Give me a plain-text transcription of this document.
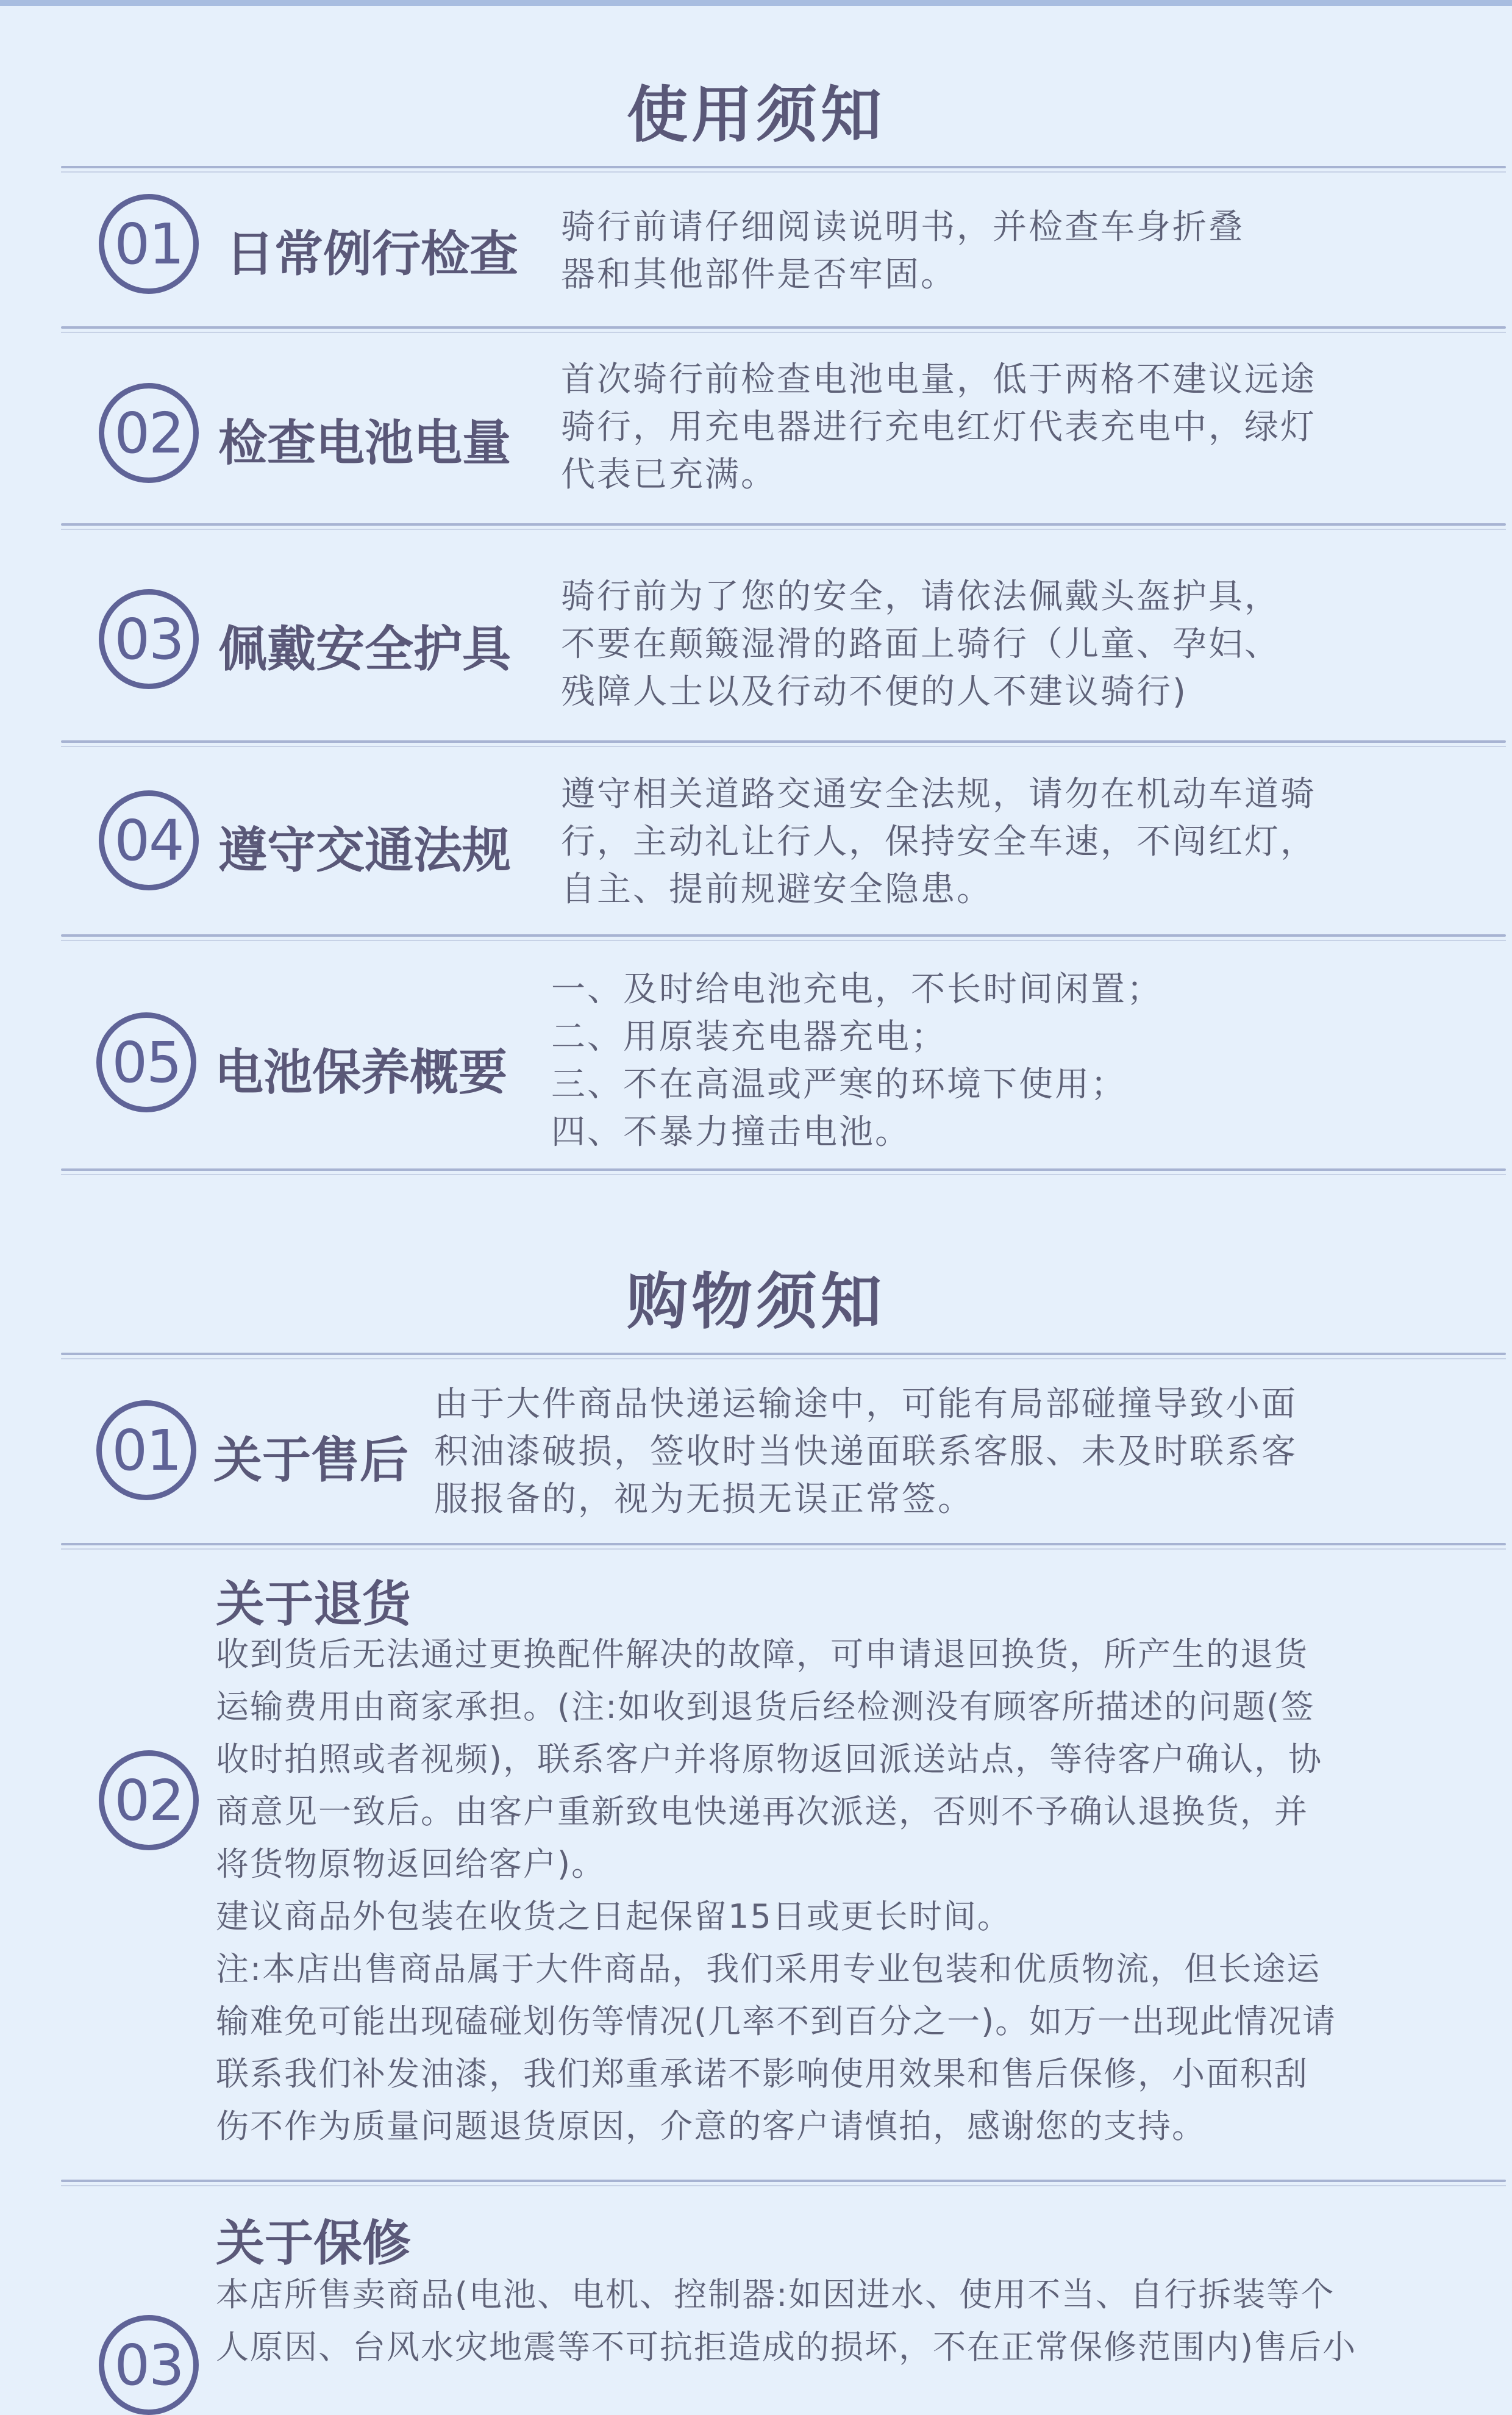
使用须知
01 日常例行检查 骑行前请仔细阅读说明书，并检查车身折叠
器和其他部件是否牢固。
02 检查电池电量
首次骑行前检查电池电量，低于两格不建议远途
骑行，用充电器进行充电红灯代表充电中，绿灯
代表已充满。
03 佩戴安全护具
骑行前为了您的安全，请依法佩戴头盔护具，
不要在颠簸湿滑的路面上骑行（儿童、孕妇、
残障人士以及行动不便的人不建议骑行)
04 遵守交通法规
遵守相关道路交通安全法规，请勿在机动车道骑
行，主动礼让行人，保持安全车速，不闯红灯，
自主、提前规避安全隐患。
05 电池保养概要
一、及时给电池充电，不长时间闲置；
二、用原装充电器充电；
三、不在高温或严寒的环境下使用；
四、不暴力撞击电池。
购物须知
01 关于售后
由于大件商品快递运输途中，可能有局部碰撞导致小面
积油漆破损，签收时当快递面联系客服、未及时联系客
服报备的，视为无损无误正常签。
关于退货
02
收到货后无法通过更换配件解决的故障，可申请退回换货，所产生的退货
运输费用由商家承担。(注:如收到退货后经检测没有顾客所描述的问题(签
收时拍照或者视频)，联系客户并将原物返回派送站点，等待客户确认，协
商意见一致后。由客户重新致电快递再次派送，否则不予确认退换货，并
将货物原物返回给客户)。
建议商品外包装在收货之日起保留15日或更长时间。
注:本店出售商品属于大件商品，我们采用专业包装和优质物流，但长途运
输难免可能出现磕碰划伤等情况(几率不到百分之一)。如万一出现此情况请
联系我们补发油漆，我们郑重承诺不影响使用效果和售后保修，小面积刮
伤不作为质量问题退货原因，介意的客户请慎拍，感谢您的支持。
关于保修
本店所售卖商品(电池、电机、控制器:如因进水、使用不当、自行拆装等个
人原因、台风水灾地震等不可抗拒造成的损坏，不在正常保修范围内)售后小
03
